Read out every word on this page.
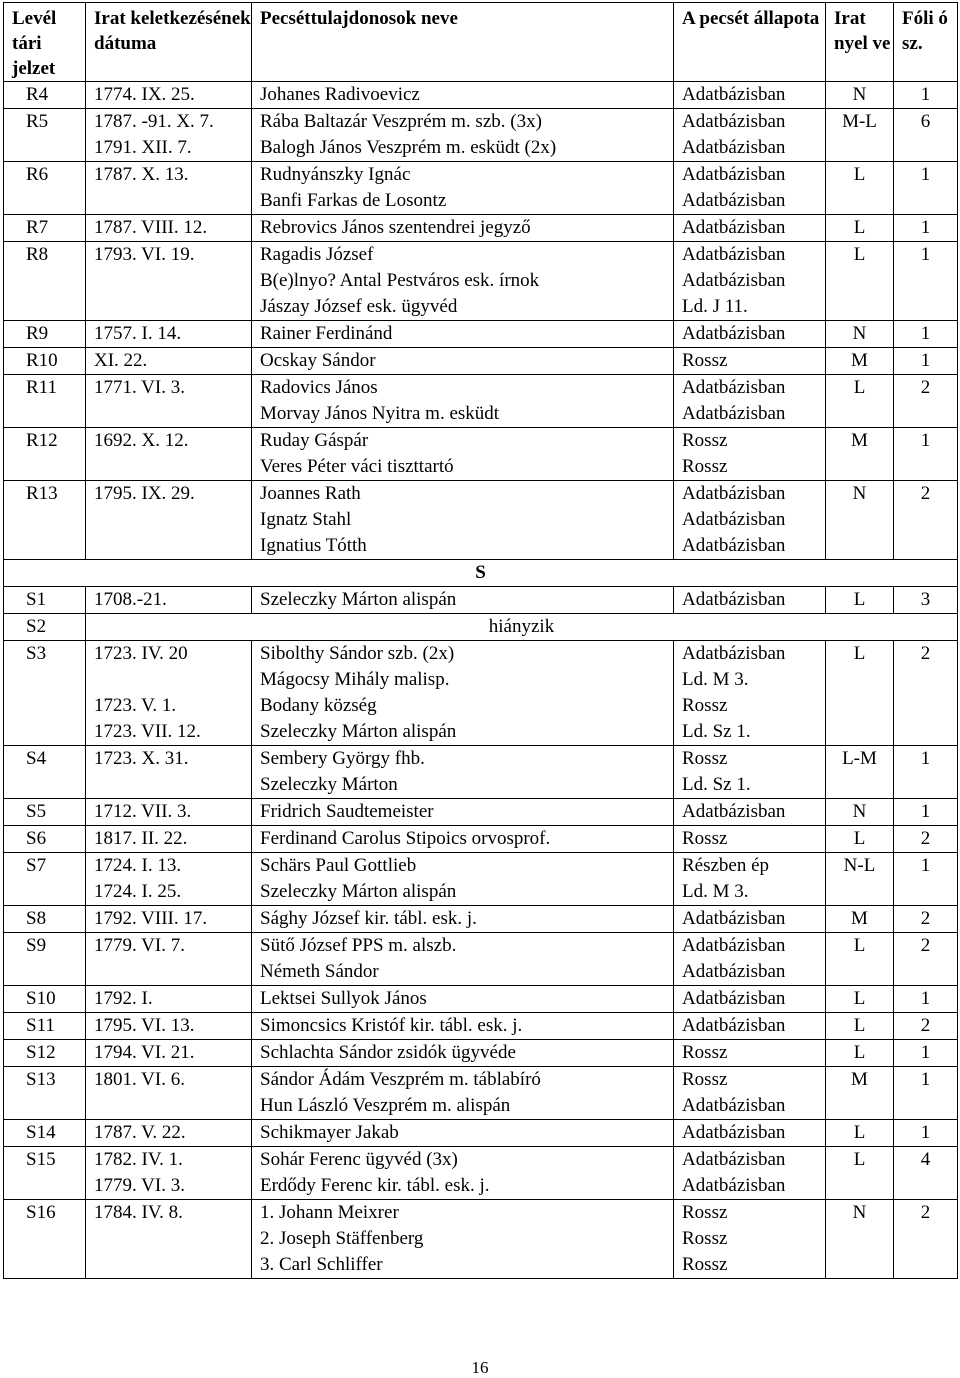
Levél tári jelzet	Irat keletkezésének dátuma	Pecséttulajdonosok neve	A pecsét állapota	Irat nyel ve	Fóli ó sz.
R4	1774. IX. 25.	Johanes Radivoevicz	Adatbázisban	N	1
R5	1787. -91. X. 7.	Rába Baltazár Veszprém m. szb. (3x)	Adatbázisban	M-L	6
	1791. XII. 7.	Balogh János Veszprém m. esküdt (2x)	Adatbázisban		
R6	1787. X. 13.	Rudnyánszky Ignác	Adatbázisban	L	1
		Banfi Farkas de Losontz	Adatbázisban		
R7	1787. VIII. 12.	Rebrovics János szentendrei jegyző	Adatbázisban	L	1
R8	1793. VI. 19.	Ragadis József	Adatbázisban	L	1
		B(e)lnyo? Antal Pestváros esk. írnok	Adatbázisban		
		Jászay József esk. ügyvéd	Ld. J 11.		
R9	1757. I. 14.	Rainer Ferdinánd	Adatbázisban	N	1
R10	XI. 22.	Ocskay Sándor	Rossz	M	1
R11	1771. VI. 3.	Radovics János	Adatbázisban	L	2
		Morvay János Nyitra m. esküdt	Adatbázisban		
R12	1692. X. 12.	Ruday Gáspár	Rossz	M	1
		Veres Péter váci tiszttartó	Rossz		
R13	1795. IX. 29.	Joannes Rath	Adatbázisban	N	2
		Ignatz Stahl	Adatbázisban		
		Ignatius Tótth	Adatbázisban		
S					
S1	1708.-21.	Szeleczky Márton alispán	Adatbázisban	L	3
S2	hiányzik				
S3	1723. IV. 20	Sibolthy Sándor szb. (2x)	Adatbázisban	L	2
		Mágocsy Mihály malisp.	Ld. M 3.		
	1723. V. 1.	Bodany község	Rossz		
	1723. VII. 12.	Szeleczky Márton alispán	Ld. Sz 1.		
S4	1723. X. 31.	Sembery György fhb.	Rossz	L-M	1
		Szeleczky Márton	Ld. Sz 1.		
S5	1712. VII. 3.	Fridrich Saudtemeister	Adatbázisban	N	1
S6	1817. II. 22.	Ferdinand Carolus Stipoics orvosprof.	Rossz	L	2
S7	1724. I. 13.	Schärs Paul Gottlieb	Részben ép	N-L	1
	1724. I. 25.	Szeleczky Márton alispán	Ld. M 3.		
S8	1792. VIII. 17.	Sághy József kir. tábl. esk. j.	Adatbázisban	M	2
S9	1779. VI. 7.	Sütő József PPS m. alszb.	Adatbázisban	L	2
		Németh Sándor	Adatbázisban		
S10	1792. I.	Lektsei Sullyok János	Adatbázisban	L	1
S11	1795. VI. 13.	Simoncsics Kristóf kir. tábl. esk. j.	Adatbázisban	L	2
S12	1794. VI. 21.	Schlachta Sándor zsidók ügyvéde	Rossz	L	1
S13	1801. VI. 6.	Sándor Ádám Veszprém m. táblabíró	Rossz	M	1
		Hun László Veszprém m. alispán	Adatbázisban		
S14	1787. V. 22.	Schikmayer Jakab	Adatbázisban	L	1
S15	1782. IV. 1.	Sohár Ferenc ügyvéd (3x)	Adatbázisban	L	4
	1779. VI. 3.	Erdődy Ferenc kir. tábl. esk. j.	Adatbázisban		
S16	1784. IV. 8.	1. Johann Meixrer	Rossz	N	2
		2. Joseph Stäffenberg	Rossz		
		3. Carl Schliffer	Rossz		
16
